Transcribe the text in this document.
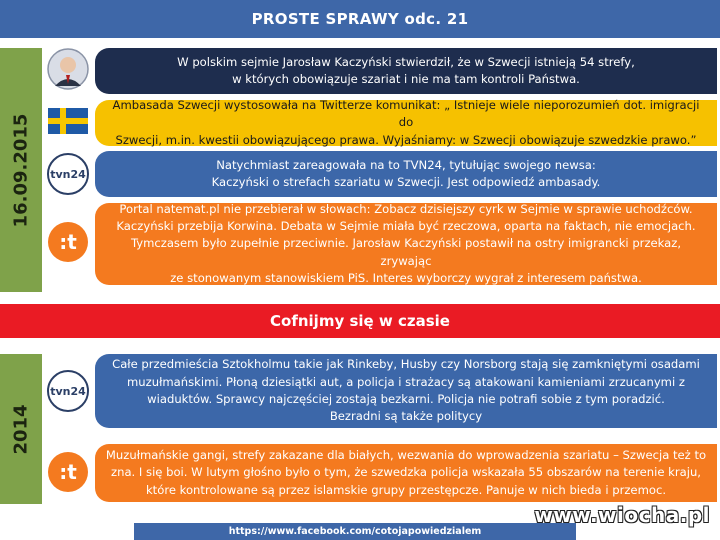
PROSTE SPRAWY odc. 21
16.09.2015
W polskim sejmie Jarosław Kaczyński stwierdził, że w Szwecji istnieją 54 strefy,
w których obowiązuje szariat i nie ma tam kontroli Państwa.
Ambasada Szwecji wystosowała na Twitterze komunikat: „ Istnieje wiele nieporozumień dot. imigracji do
Szwecji, m.in. kwestii obowiązującego prawa. Wyjaśniamy: w Szwecji obowiązuje szwedzkie prawo.”
tvn24
Natychmiast zareagowała na to TVN24, tytułując swojego newsa:
Kaczyński o strefach szariatu w Szwecji. Jest odpowiedź ambasady.
:t
Portal natemat.pl nie przebierał w słowach: Zobacz dzisiejszy cyrk w Sejmie w sprawie uchodźców.
Kaczyński przebija Korwina. Debata w Sejmie miała być rzeczowa, oparta na faktach, nie emocjach.
Tymczasem było zupełnie przeciwnie. Jarosław Kaczyński postawił na ostry imigrancki przekaz, zrywając
ze stonowanym stanowiskiem PiS. Interes wyborczy wygrał z interesem państwa.
Cofnijmy się w czasie
2014
tvn24
Całe przedmieścia Sztokholmu takie jak Rinkeby, Husby czy Norsborg stają się zamkniętymi osadami
muzułmańskimi. Płoną dziesiątki aut, a policja i strażacy są atakowani kamieniami zrzucanymi z
wiaduktów. Sprawcy najczęściej zostają bezkarni. Policja nie potrafi sobie z tym poradzić.
Bezradni są także politycy
:t
Muzułmańskie gangi, strefy zakazane dla białych, wezwania do wprowadzenia szariatu – Szwecja też to
zna. I się boi. W lutym głośno było o tym, że szwedzka policja wskazała 55 obszarów na terenie kraju,
które kontrolowane są przez islamskie grupy przestępcze. Panuje w nich bieda i przemoc.
https://www.facebook.com/cotojapowiedzialem
www.wiocha.pl
